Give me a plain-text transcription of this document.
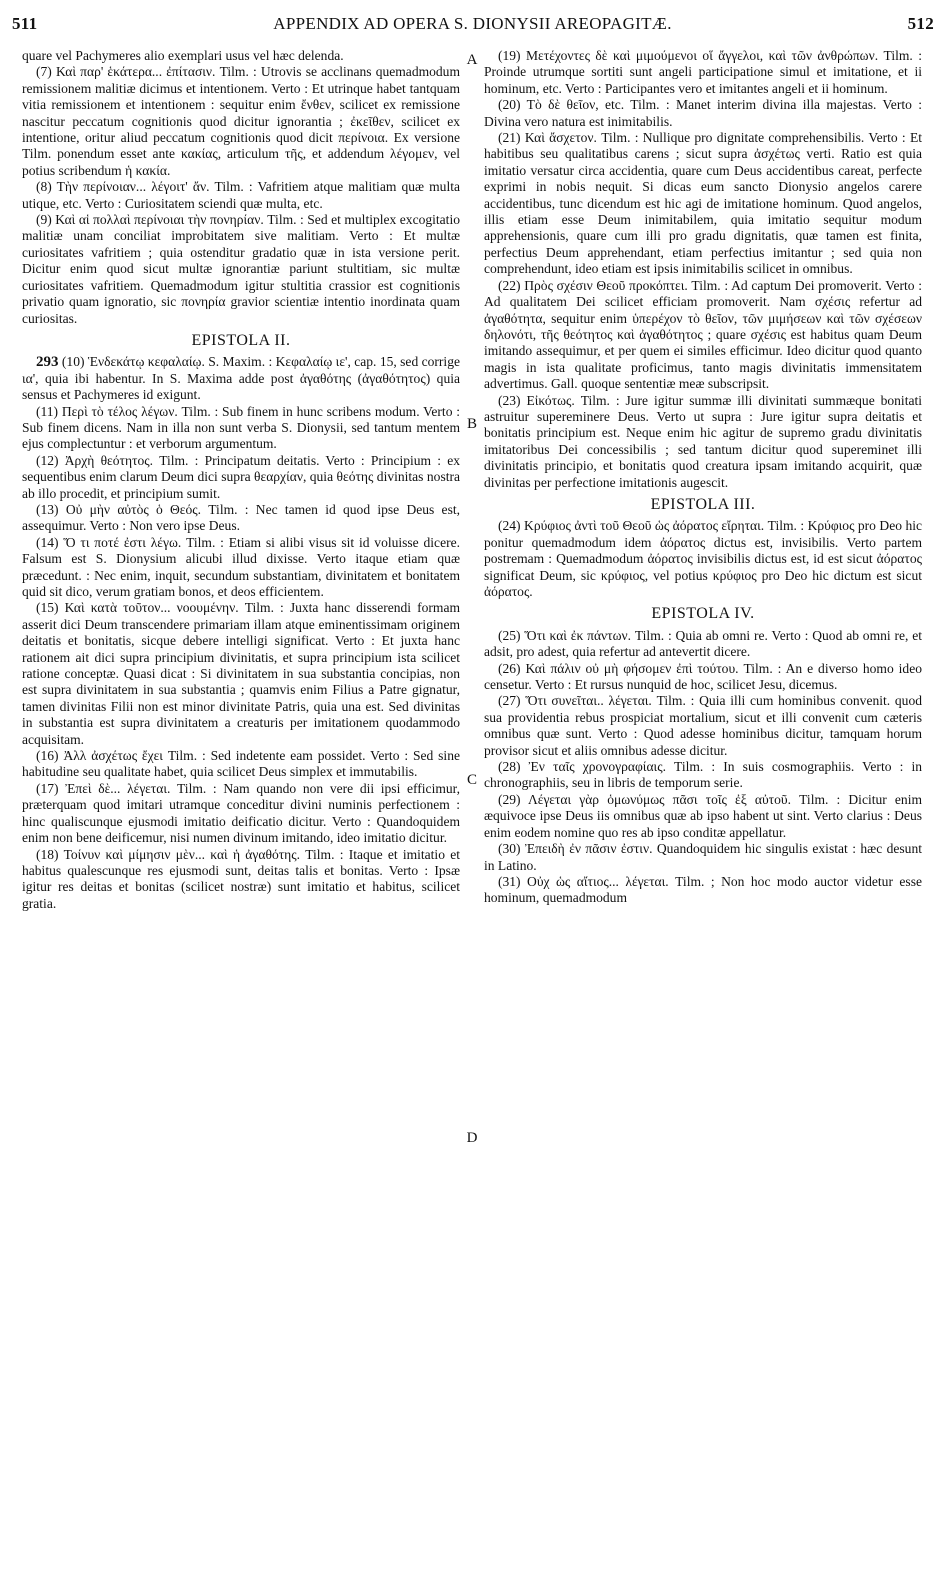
511	APPENDIX AD OPERA S. DIONYSII AREOPAGITÆ.	512

quare vel Pachymeres alio exemplari usus vel hæc delenda.

(7) Καὶ παρ' ἑκάτερα... ἐπίτασιν. Tilm. : Utrovis se acclinans quemadmodum remissionem malitiæ dicimus et intentionem. Verto : Et utrinque habet tantquam vitia remissionem et intentionem : sequitur enim ἔνθεν, scilicet ex remissione nascitur peccatum cognitionis quod dicitur ignorantia ; ἐκεῖθεν, scilicet ex intentione, oritur aliud peccatum cognitionis quod dicit περίνοια. Ex versione Tilm. ponendum esset ante κακίας, articulum τῆς, et addendum λέγομεν, vel potius scribendum ἡ κακία.

(8) Τὴν περίνοιαν... λέγοιτ' ἄν. Tilm. : Vafritiem atque malitiam quæ multa utique, etc. Verto : Curiositatem sciendi quæ multa, etc.

(9) Καὶ αἱ πολλαὶ περίνοιαι τὴν πονηρίαν. Tilm. : Sed et multiplex excogitatio malitiæ unam conciliat improbitatem sive malitiam. Verto : Et multæ curiositates vafritiem ; quia ostenditur gradatio quæ in ista versione perit. Dicitur enim quod sicut multæ ignorantiæ pariunt stultitiam, sic multæ curiositates vafritiem. Quemadmodum igitur stultitia crassior est cognitionis privatio quam ignoratio, sic πονηρία gravior scientiæ intentio inordinata quam curiositas.

EPISTOLA II.

293 (10) Ἑνδεκάτῳ κεφαλαίῳ. S. Maxim. : Κεφαλαίῳ ιε', cap. 15, sed corrige ια', quia ibi habentur. In S. Maxima adde post ἀγαθότης (ἀγαθότητος) quia sensus et Pachymeres id exigunt.

(11) Περὶ τὸ τέλος λέγων. Tilm. : Sub finem in hunc scribens modum. Verto : Sub finem dicens. Nam in illa non sunt verba S. Dionysii, sed tantum mentem ejus complectuntur : et verborum argumentum.

(12) Ἀρχὴ θεότητος. Tilm. : Principatum deitatis. Verto : Principium : ex sequentibus enim clarum Deum dici supra θεαρχίαν, quia θεότης divinitas nostra ab illo procedit, et principium sumit.

(13) Οὐ μὴν αὐτὸς ὁ Θεός. Tilm. : Nec tamen id quod ipse Deus est, assequimur. Verto : Non vero ipse Deus.

(14) Ὅ τι ποτέ ἐστι λέγω. Tilm. : Etiam si alibi visus sit id voluisse dicere. Falsum est S. Dionysium alicubi illud dixisse. Verto itaque etiam quæ præcedunt. : Nec enim, inquit, secundum substantiam, divinitatem et bonitatem quid sit dico, verum gratiam bonos, et deos efficientem.

(15) Καὶ κατὰ τοῦτον... νοουμένην. Tilm. : Juxta hanc disserendi formam asserit dici Deum transcendere primariam illam atque eminentissimam originem deitatis et bonitatis, sicque debere intelligi significat. Verto : Et juxta hanc rationem ait dici supra principium divinitatis, et supra principium ista scilicet ratione conceptæ. Quasi dicat : Si divinitatem in sua substantia concipias, non est supra divinitatem in sua substantia ; quamvis enim Filius a Patre gignatur, tamen divinitas Filii non est minor divinitate Patris, quia una est. Sed divinitas in substantia est supra divinitatem a creaturis per imitationem quodammodo acquisitam.

(16) Ἀλλ ἀσχέτως ἔχει Tilm. : Sed indetente eam possidet. Verto : Sed sine habitudine seu qualitate habet, quia scilicet Deus simplex et immutabilis.

(17) Ἐπεὶ δὲ... λέγεται. Tilm. : Nam quando non vere dii ipsi efficimur, præterquam quod imitari utramque conceditur divini numinis perfectionem : hinc qualiscunque ejusmodi imitatio deificatio dicitur. Verto : Quandoquidem enim non bene deificemur, nisi numen divinum imitando, ideo imitatio dicitur.

(18) Τοίνυν καὶ μίμησιν μὲν... καὶ ἡ ἀγαθότης. Tilm. : Itaque et imitatio et habitus qualescunque res ejusmodi sunt, deitas talis et bonitas. Verto : Ipsæ igitur res deitas et bonitas (scilicet nostræ) sunt imitatio et habitus, scilicet gratia.

(19) Μετέχοντες δὲ καὶ μιμούμενοι οἵ ἄγγελοι, καὶ τῶν ἀνθρώπων. Tilm. : Proinde utrumque sortiti sunt angeli participatione simul et imitatione, et ii hominum, etc. Verto : Participantes vero et imitantes angeli et ii hominum.

(20) Τὸ δὲ θεῖον, etc. Tilm. : Manet interim divina illa majestas. Verto : Divina vero natura est inimitabilis.

(21) Καὶ ἄσχετον. Tilm. : Nullique pro dignitate comprehensibilis. Verto : Et habitibus seu qualitatibus carens ; sicut supra ἀσχέτως verti. Ratio est quia imitatio versatur circa accidentia, quare cum Deus accidentibus careat, perfecte exprimi in nobis nequit. Si dicas eum sancto Dionysio angelos carere accidentibus, tunc dicendum est hic agi de imitatione hominum. Quod angelos, illis etiam esse Deum inimitabilem, quia imitatio sequitur modum apprehensionis, quare cum illi pro gradu dignitatis, quæ tamen est finita, perfectius Deum apprehendant, etiam perfectius imitantur ; sed quia non comprehendunt, ideo etiam est ipsis inimitabilis scilicet in omnibus.

(22) Πρὸς σχέσιν Θεοῦ προκόπτει. Tilm. : Ad captum Dei promoverit. Verto : Ad qualitatem Dei scilicet efficiam promoverit. Nam σχέσις refertur ad ἀγαθότητα, sequitur enim ὑπερέχον τὸ θεῖον, τῶν μιμήσεων καὶ τῶν σχέσεων δηλονότι, τῆς θεότητος καὶ ἀγαθότητος ; quare σχέσις est habitus quam Deum imitando assequimur, et per quem ei similes efficimur. Ideo dicitur quod quanto magis in ista qualitate proficimus, tanto magis divinitatis immensitatem advertimus. Gall. quoque sententiæ meæ subscripsit.

(23) Εἰκότως. Tilm. : Jure igitur summæ illi divinitati summæque bonitati astruitur supereminere Deus. Verto ut supra : Jure igitur supra deitatis et bonitatis principium est. Neque enim hic agitur de supremo gradu divinitatis imitatoribus Dei concessibilis ; sed tantum dicitur quod supereminet illi divinitatis principio, et bonitatis quod creatura ipsam imitando acquirit, quæ divinitas per perfectione imitationis augescit.

EPISTOLA III.

(24) Κρύφιος ἀντὶ τοῦ Θεοῦ ὡς ἀόρατος εἴρηται. Tilm. : Κρύφιος pro Deo hic ponitur quemadmodum idem ἀόρατος dictus est, invisibilis. Verto partem postremam : Quemadmodum ἀόρατος invisibilis dictus est, id est sicut ἀόρατος significat Deum, sic κρύφιος, vel potius κρύφιος pro Deo hic dictum est sicut ἀόρατος.

EPISTOLA IV.

(25) Ὅτι καὶ ἐκ πάντων. Tilm. : Quia ab omni re. Verto : Quod ab omni re, et adsit, pro adest, quia refertur ad antevertit dicere.

(26) Καὶ πάλιν οὐ μὴ φήσομεν ἐπὶ τούτου. Tilm. : An e diverso homo ideo censetur. Verto : Et rursus nunquid de hoc, scilicet Jesu, dicemus.

(27) Ὅτι συνεῖται.. λέγεται. Tilm. : Quia illi cum hominibus convenit. quod sua providentia rebus prospiciat mortalium, sicut et illi convenit cum cæteris omnibus quæ sunt. Verto : Quod adesse hominibus dicitur, tamquam horum provisor sicut et aliis omnibus adesse dicitur.

(28) Ἐν ταῖς χρονογραφίαις. Tilm. : In suis cosmographiis. Verto : in chronographiis, seu in libris de temporum serie.

(29) Λέγεται γὰρ ὁμωνύμως πᾶσι τοῖς ἐξ αὐτοῦ. Tilm. : Dicitur enim æquivoce ipse Deus iis omnibus quæ ab ipso habent ut sint. Verto clarius : Deus enim eodem nomine quo res ab ipso conditæ appellatur.

(30) Ἐπειδὴ ἐν πᾶσιν ἐστιν. Quandoquidem hic singulis existat : hæc desunt in Latino.

(31) Οὐχ ὡς αἴτιος... λέγεται. Tilm. ; Non hoc modo auctor videtur esse hominum, quemadmodum

A
B
C
D
